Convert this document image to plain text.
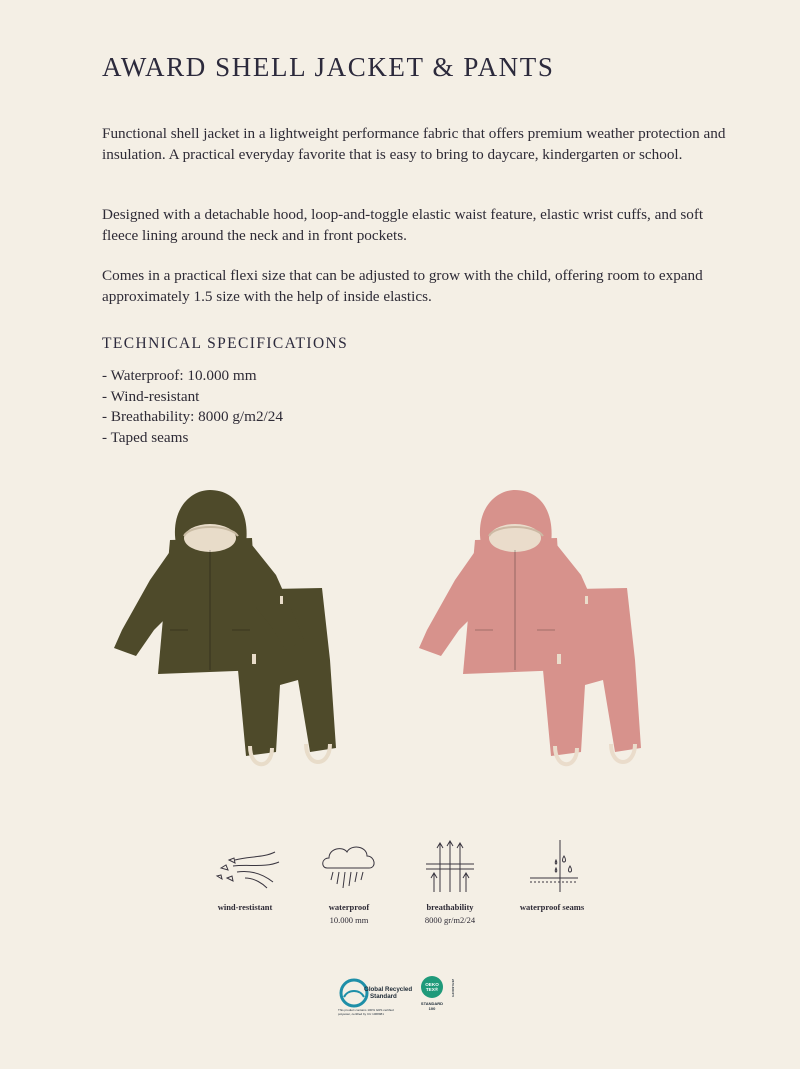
AWARD SHELL JACKET & PANTS

Functional shell jacket in a lightweight performance fabric that offers premium weather protection and insulation. A practical everyday favorite that is easy to bring to daycare, kindergarten or school.

Designed with a detachable hood, loop-and-toggle elastic waist feature, elastic wrist cuffs, and soft fleece lining around the neck and in front pockets.

Comes in a practical flexi size that can be adjusted to grow with the child, offering room to expand approximately 1.5 size with the help of inside elastics.

TECHNICAL SPECIFICATIONS
- Waterproof: 10.000 mm
- Wind-resistant
- Breathability: 8000 g/m2/24
- Taped seams
wind-restistant	waterproof
10.000 mm
breathability
8000 gr/m2/24
waterproof seams
Global Recycled
Standard
This product contains 100% GRS certified
polyester, certified by CU 1068981
OEKO
TEX®
STANDARD
100
2370-309 IITI
